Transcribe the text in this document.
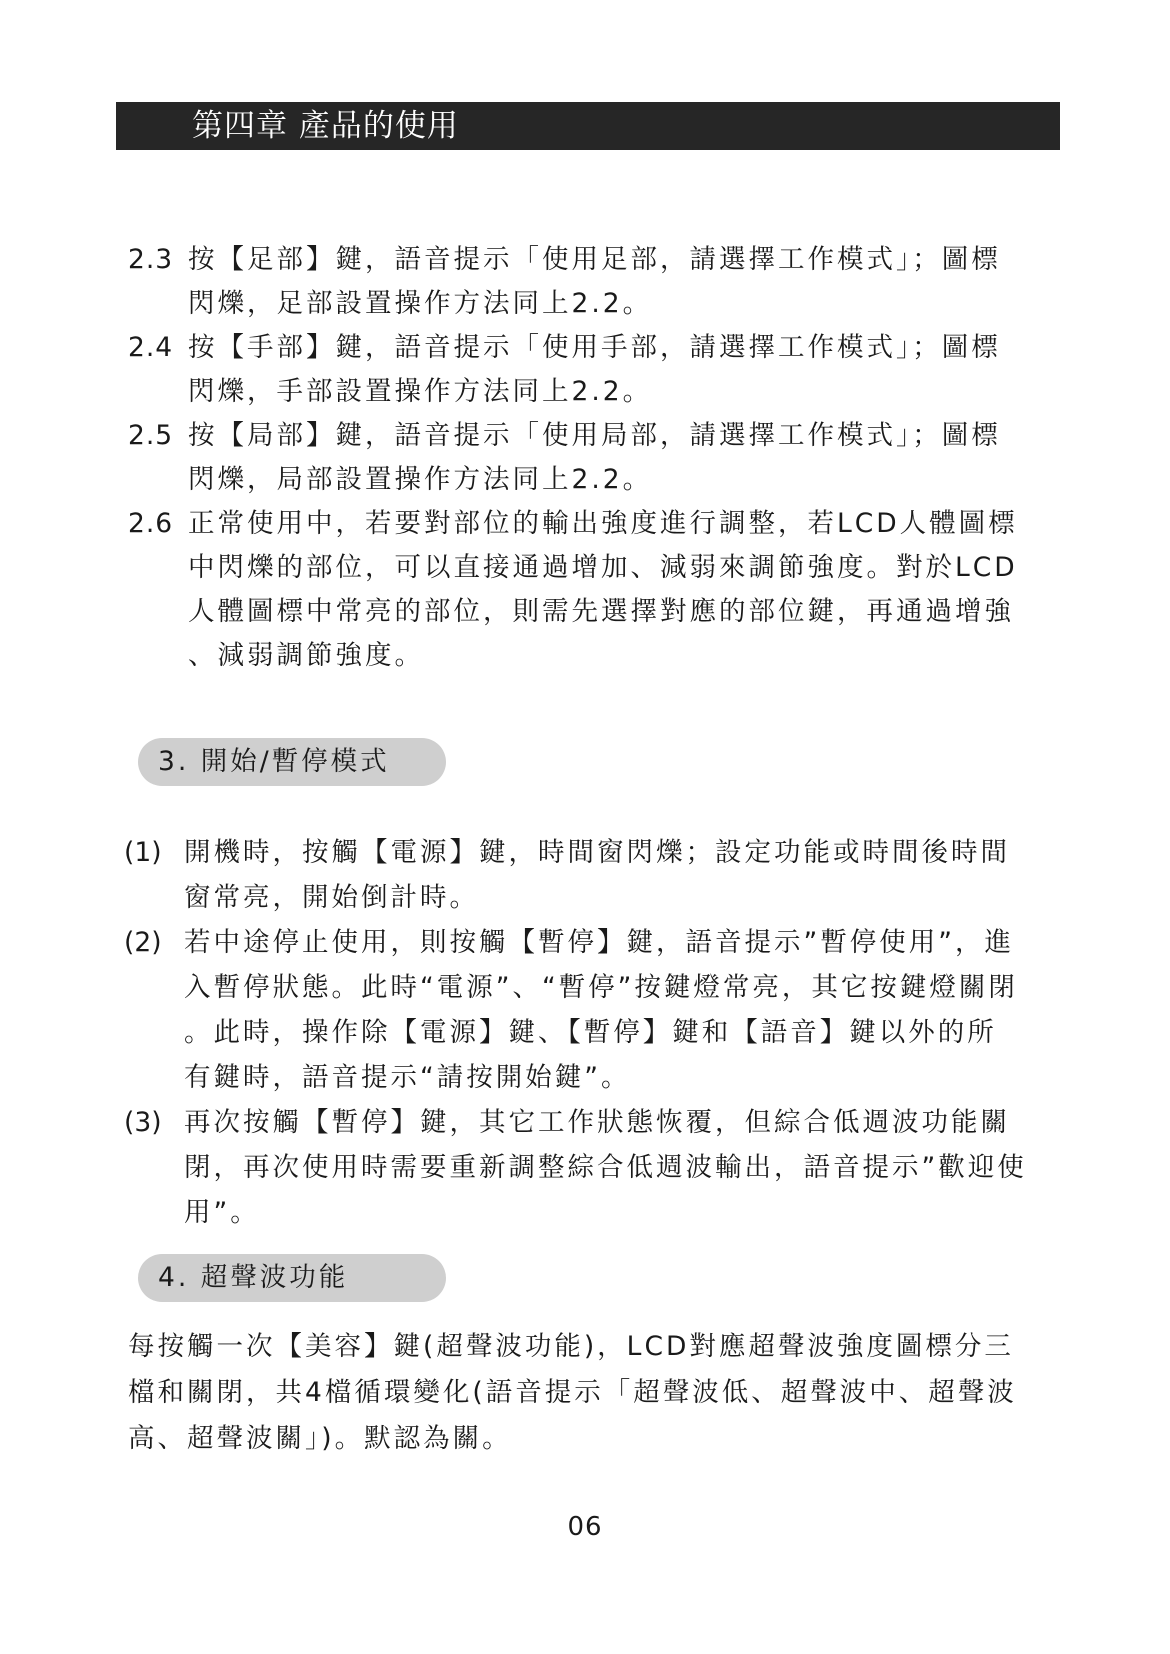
第四章 產品的使用
2.3 按【足部】鍵，語音提示「使用足部，請選擇工作模式」；圖標
閃爍，足部設置操作方法同上2.2。
2.4 按【手部】鍵，語音提示「使用手部，請選擇工作模式」；圖標
閃爍，手部設置操作方法同上2.2。
2.5 按【局部】鍵，語音提示「使用局部，請選擇工作模式」；圖標
閃爍，局部設置操作方法同上2.2。
2.6 正常使用中，若要對部位的輸出強度進行調整，若LCD人體圖標
中閃爍的部位，可以直接通過增加、減弱來調節強度。對於LCD
人體圖標中常亮的部位，則需先選擇對應的部位鍵，再通過增強
、減弱調節強度。
3. 開始/暫停模式
(1) 開機時，按觸【電源】鍵，時間窗閃爍；設定功能或時間後時間
窗常亮，開始倒計時。
(2) 若中途停止使用，則按觸【暫停】鍵，語音提示”暫停使用”，進
入暫停狀態。此時“電源”、“暫停”按鍵燈常亮，其它按鍵燈關閉
。此時，操作除【電源】鍵、【暫停】鍵和【語音】鍵以外的所
有鍵時，語音提示“請按開始鍵”。
(3) 再次按觸【暫停】鍵，其它工作狀態恢覆，但綜合低週波功能關
閉，再次使用時需要重新調整綜合低週波輸出，語音提示”歡迎使
用”。
4. 超聲波功能
每按觸一次【美容】鍵(超聲波功能)，LCD對應超聲波強度圖標分三
檔和關閉，共4檔循環變化(語音提示「超聲波低、超聲波中、超聲波
高、超聲波關」)。默認為關。
06
